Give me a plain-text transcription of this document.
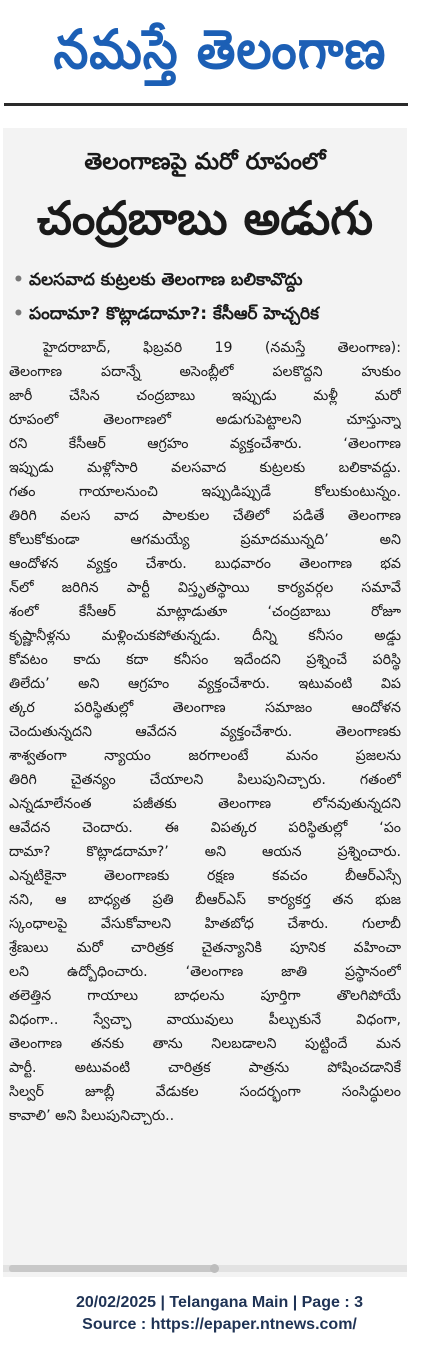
నమస్తే తెలంగాణ
తెలంగాణపై మరో రూపంలో
చంద్రబాబు అడుగు
• వలసవాద కుట్రలకు తెలంగాణ బలికావొద్దు
• పందామా? కొట్లాడదామా?: కేసీఆర్ హెచ్చరిక
హైదరాబాద్, ఫిబ్రవరి 19 (నమస్తే తెలంగాణ):
తెలంగాణ పదాన్నే అసెంబ్లీలో పలకొద్దని హుకుం
జారీ చేసిన చంద్రబాబు ఇప్పుడు మళ్లీ మరో
రూపంలో తెలంగాణలో అడుగుపెట్టాలని చూస్తున్నా
రని కేసీఆర్ ఆగ్రహం వ్యక్తంచేశారు. ‘తెలంగాణ
ఇప్పుడు మళ్లోసారి వలసవాద కుట్రలకు బలికావద్దు.
గతం గాయాలనుంచి ఇప్పుడిప్పుడే కోలుకుంటున్నం.
తిరిగి వలస వాద పాలకుల చేతిలో పడితే తెలంగాణ
కోలుకోకుండా ఆగమయ్యే ప్రమాదమున్నది’ అని
ఆందోళన వ్యక్తం చేశారు. బుధవారం తెలంగాణ భవ
న్‌లో జరిగిన పార్టీ విస్తృతస్థాయి కార్యవర్గల సమావే
శంలో కేసీఆర్ మాట్లాడుతూ ‘చంద్రబాబు రోజూ
కృష్ణానీళ్లను మళ్లించుకపోతున్నడు. దీన్ని కనీసం అడ్డు
కోవటం కాదు కదా కనీసం ఇదేందని ప్రశ్నించే పరిస్థి
తిలేదు’ అని ఆగ్రహం వ్యక్తంచేశారు. ఇటువంటి విప
త్కర పరిస్థితుల్లో తెలంగాణ సమాజం ఆందోళన
చెందుతున్నదని ఆవేదన వ్యక్తంచేశారు. తెలంగాణకు
శాశ్వతంగా న్యాయం జరగాలంటే మనం ప్రజలను
తిరిగి చైతన్యం చేయాలని పిలుపునిచ్చారు. గతంలో
ఎన్నడూలేనంత పజీతకు తెలంగాణ లోనవుతున్నదని
ఆవేదన చెందారు. ఈ విపత్కర పరిస్థితుల్లో ‘పం
దామా? కొట్లాడదామా?’ అని ఆయన ప్రశ్నించారు.
ఎన్నటికైనా తెలంగాణకు రక్షణ కవచం బీఆర్‌ఎస్సే
నని, ఆ బాధ్యత ప్రతి బీఆర్‌ఎస్ కార్యకర్త తన భుజ
స్కంధాలపై వేసుకోవాలని హితబోధ చేశారు. గులాబీ
శ్రేణులు మరో చారిత్రక చైతన్యానికి పూనిక వహించా
లని ఉద్బోధించారు. ‘తెలంగాణ జాతి ప్రస్థానంలో
తలెత్తిన గాయాలు బాధలను పూర్తిగా తొలగిపోయే
విధంగా.. స్వేచ్ఛా వాయువులు పీల్చుకునే విధంగా,
తెలంగాణ తనకు తాను నిలబడాలని పుట్టిందే మన
పార్టీ. అటువంటి చారిత్రక పాత్రను పోషించడానికే
సిల్వర్ జూబ్లీ వేడుకల సందర్భంగా సంసిద్ధులం
కావాలి’ అని పిలుపునిచ్చారు..
20/02/2025 | Telangana Main | Page : 3
Source : https://epaper.ntnews.com/
